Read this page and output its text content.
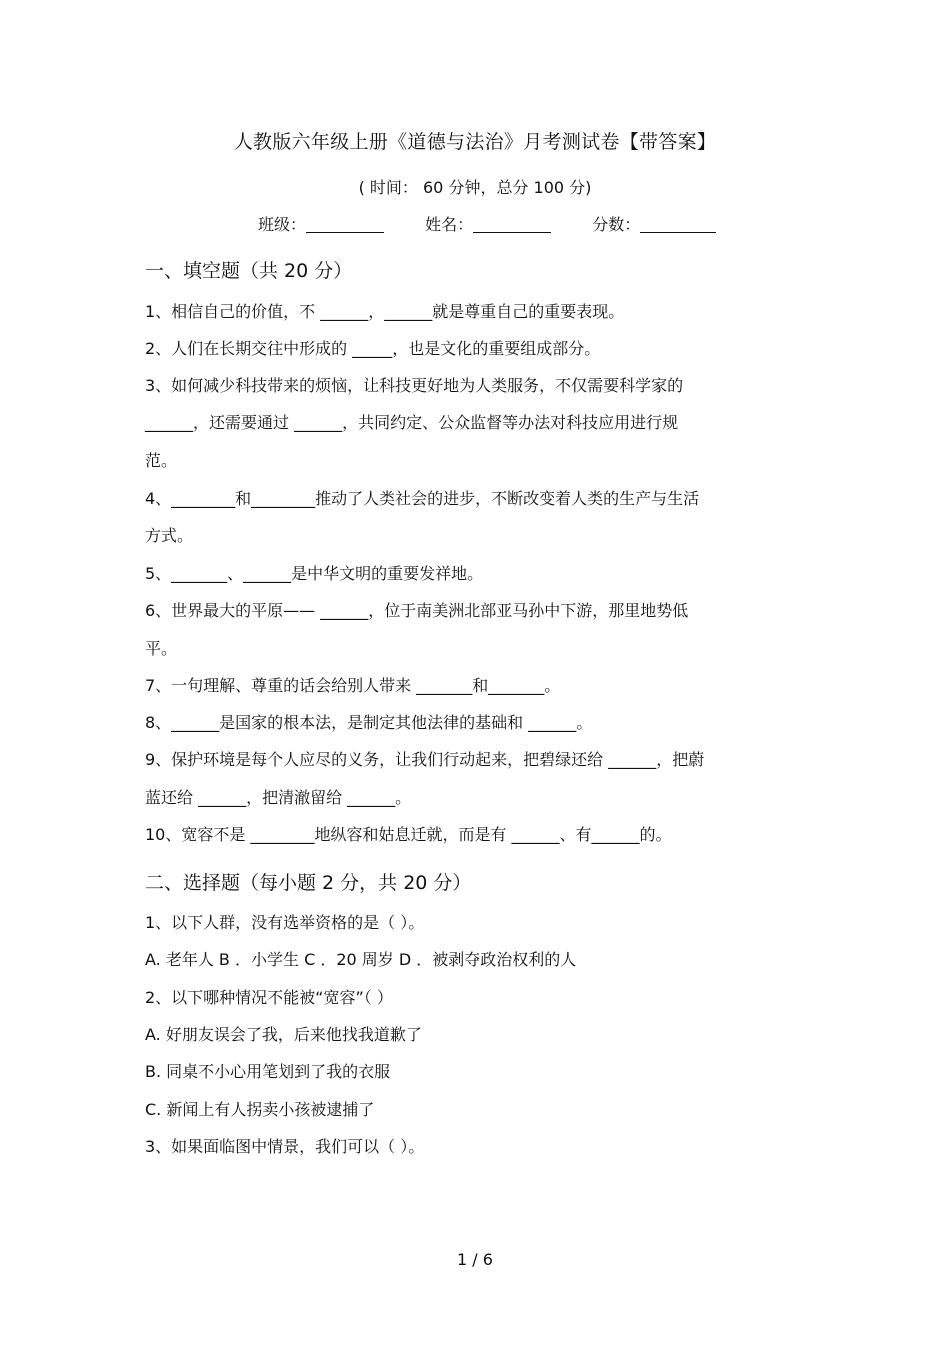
人教版六年级上册《道德与法治》月考测试卷【带答案】
( 时间： 60 分钟，总分 100 分)
班级：	姓名：	分数：
一、填空题（共 20 分）
1、相信自己的价值，不 ______，______就是尊重自己的重要表现。
2、人们在长期交往中形成的 _____，也是文化的重要组成部分。
3、如何减少科技带来的烦恼，让科技更好地为人类服务，不仅需要科学家的
______，还需要通过 ______，共同约定、公众监督等办法对科技应用进行规
范。
4、________和________推动了人类社会的进步，不断改变着人类的生产与生活
方式。
5、_______、______是中华文明的重要发祥地。
6、世界最大的平原—— ______，位于南美洲北部亚马孙中下游，那里地势低
平。
7、一句理解、尊重的话会给别人带来 _______和_______。
8、______是国家的根本法，是制定其他法律的基础和 ______。
9、保护环境是每个人应尽的义务，让我们行动起来，把碧绿还给 ______，把蔚
蓝还给 ______，把清澈留给 ______。
10、宽容不是 ________地纵容和姑息迁就，而是有 ______、有______的。
二、选择题（每小题 2 分，共 20 分）
1、以下人群，没有选举资格的是（ ）。
A. 老年人 B ．小学生 C ．20 周岁 D ．被剥夺政治权利的人
2、以下哪种情况不能被“宽容”（ ）
A. 好朋友误会了我，后来他找我道歉了
B. 同桌不小心用笔划到了我的衣服
C. 新闻上有人拐卖小孩被逮捕了
3、如果面临图中情景，我们可以（ ）。
1 / 6
